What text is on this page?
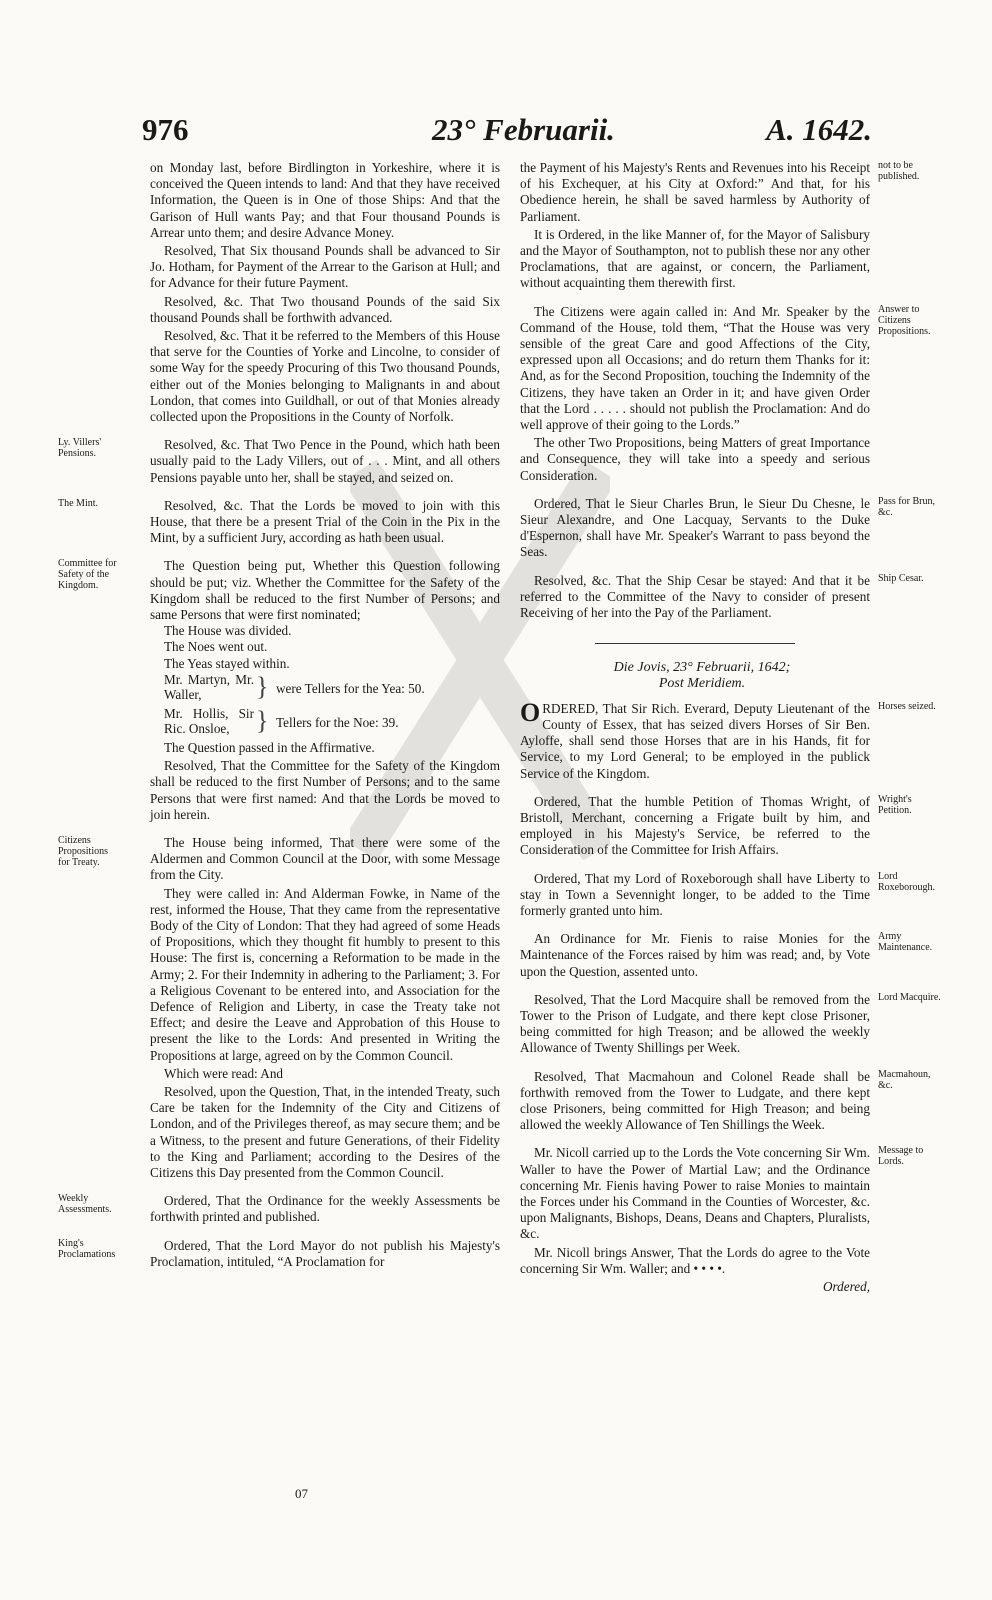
976	23° Februarii.	A. 1642.

on Monday last, before Birdlington in Yorkeshire, where it is conceived the Queen intends to land: And that they have received Information, the Queen is in One of those Ships: And that the Garison of Hull wants Pay; and that Four thousand Pounds is Arrear unto them; and desire Advance Money.

Resolved, That Six thousand Pounds shall be advanced to Sir Jo. Hotham, for Payment of the Arrear to the Garison at Hull; and for Advance for their future Payment.

Resolved, &c. That Two thousand Pounds of the said Six thousand Pounds shall be forthwith advanced.

Resolved, &c. That it be referred to the Members of this House that serve for the Counties of Yorke and Lincolne, to consider of some Way for the speedy Procuring of this Two thousand Pounds, either out of the Monies belonging to Malignants in and about London, that comes into Guildhall, or out of that Monies already collected upon the Propositions in the County of Norfolk.

Ly. Villers' Pensions.

Resolved, &c. That Two Pence in the Pound, which hath been usually paid to the Lady Villers, out of . . . Mint, and all others Pensions payable unto her, shall be stayed, and seized on.

The Mint.	Resolved, &c. That the Lords be moved to join with this House, that there be a present Trial of the Coin in the Pix in the Mint, by a sufficient Jury, according as hath been usual.

Committee for Safety of the Kingdom.

The Question being put, Whether this Question following should be put; viz. Whether the Committee for the Safety of the Kingdom shall be reduced to the first Number of Persons; and same Persons that were first nominated;

The House was divided.

The Noes went out.

The Yeas stayed within.

Mr. Martyn, Mr. Waller,	} were Tellers for the Yea: 50.
Mr. Hollis, Sir Ric. Onsloe,	} Tellers for the Noe: 39.

The Question passed in the Affirmative.

Resolved, That the Committee for the Safety of the Kingdom shall be reduced to the first Number of Persons; and to the same Persons that were first named: And that the Lords be moved to join herein.

Citizens Propositions for Treaty.

The House being informed, That there were some of the Aldermen and Common Council at the Door, with some Message from the City.

They were called in: And Alderman Fowke, in Name of the rest, informed the House, That they came from the representative Body of the City of London: That they had agreed of some Heads of Propositions, which they thought fit humbly to present to this House: The first is, concerning a Reformation to be made in the Army; 2. For their Indemnity in adhering to the Parliament; 3. For a Religious Covenant to be entered into, and Association for the Defence of Religion and Liberty, in case the Treaty take not Effect; and desire the Leave and Approbation of this House to present the like to the Lords: And presented in Writing the Propositions at large, agreed on by the Common Council.

Which were read: And

Resolved, upon the Question, That, in the intended Treaty, such Care be taken for the Indemnity of the City and Citizens of London, and of the Privileges thereof, as may secure them; and be a Witness, to the present and future Generations, of their Fidelity to the King and Parliament; according to the Desires of the Citizens this Day presented from the Common Council.

Weekly Assessments.

Ordered, That the Ordinance for the weekly Assessments be forthwith printed and published.

King's Proclamations

Ordered, That the Lord Mayor do not publish his Majesty's Proclamation, intituled, “A Proclamation for

07
not to be published.

the Payment of his Majesty's Rents and Revenues into his Receipt of his Exchequer, at his City at Oxford:” And that, for his Obedience herein, he shall be saved harmless by Authority of Parliament.

It is Ordered, in the like Manner of, for the Mayor of Salisbury and the Mayor of Southampton, not to publish these nor any other Proclamations, that are against, or concern, the Parliament, without acquainting them therewith first.

Answer to Citizens Propositions.

The Citizens were again called in: And Mr. Speaker by the Command of the House, told them, “That the House was very sensible of the great Care and good Affections of the City, expressed upon all Occasions; and do return them Thanks for it: And, as for the Second Proposition, touching the Indemnity of the Citizens, they have taken an Order in it; and have given Order that the Lord . . . . . should not publish the Proclamation: And do well approve of their going to the Lords.”

The other Two Propositions, being Matters of great Importance and Consequence, they will take into a speedy and serious Consideration.

Pass for Brun, &c.

Ordered, That le Sieur Charles Brun, le Sieur Du Chesne, le Sieur Alexandre, and One Lacquay, Servants to the Duke d'Espernon, shall have Mr. Speaker's Warrant to pass beyond the Seas.

Ship Cesar.

Resolved, &c. That the Ship Cesar be stayed: And that it be referred to the Committee of the Navy to consider of present Receiving of her into the Pay of the Parliament.

Die Jovis, 23° Februarii, 1642;

Post Meridiem.

Horses seized.

ORDERED, That Sir Rich. Everard, Deputy Lieutenant of the County of Essex, that has seized divers Horses of Sir Ben. Ayloffe, shall send those Horses that are in his Hands, fit for Service, to my Lord General; to be employed in the publick Service of the Kingdom.

Wright's Petition.

Ordered, That the humble Petition of Thomas Wright, of Bristoll, Merchant, concerning a Frigate built by him, and employed in his Majesty's Service, be referred to the Consideration of the Committee for Irish Affairs.

Lord Roxeborough.

Ordered, That my Lord of Roxeborough shall have Liberty to stay in Town a Sevennight longer, to be added to the Time formerly granted unto him.

Army Maintenance.

An Ordinance for Mr. Fienis to raise Monies for the Maintenance of the Forces raised by him was read; and, by Vote upon the Question, assented unto.

Lord Macquire.

Resolved, That the Lord Macquire shall be removed from the Tower to the Prison of Ludgate, and there kept close Prisoner, being committed for high Treason; and be allowed the weekly Allowance of Twenty Shillings per Week.

Macmahoun, &c.

Resolved, That Macmahoun and Colonel Reade shall be forthwith removed from the Tower to Ludgate, and there kept close Prisoners, being committed for High Treason; and being allowed the weekly Allowance of Ten Shillings the Week.

Message to Lords.

Mr. Nicoll carried up to the Lords the Vote concerning Sir Wm. Waller to have the Power of Martial Law; and the Ordinance concerning Mr. Fienis having Power to raise Monies to maintain the Forces under his Command in the Counties of Worcester, &c. upon Malignants, Bishops, Deans, Deans and Chapters, Pluralists, &c.

Mr. Nicoll brings Answer, That the Lords do agree to the Vote concerning Sir Wm. Waller; and • • • •.

Ordered,
